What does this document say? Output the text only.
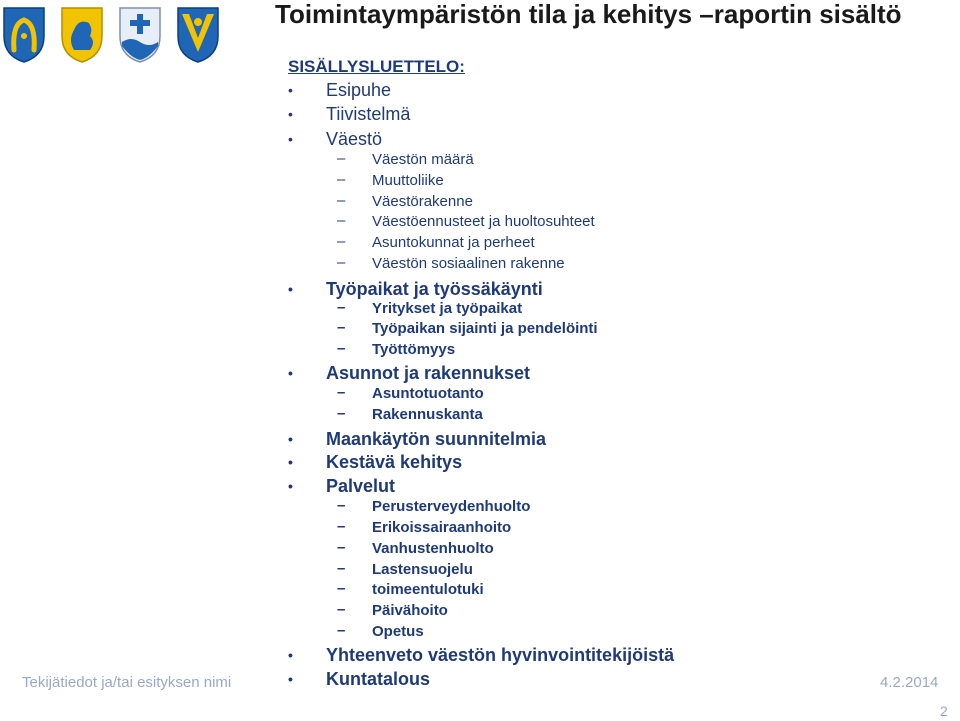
Toimintaympäristön tila ja kehitys –raportin sisältö
SISÄLLYSLUETTELO:
• Esipuhe
• Tiivistelmä
• Väestö
– Väestön määrä
– Muuttoliike
– Väestörakenne
– Väestöennusteet ja huoltosuhteet
– Asuntokunnat ja perheet
– Väestön sosiaalinen rakenne
• Työpaikat ja työssäkäynti
– Yritykset ja työpaikat
– Työpaikan sijainti ja pendelöinti
– Työttömyys
• Asunnot ja rakennukset
– Asuntotuotanto
– Rakennuskanta
• Maankäytön suunnitelmia
• Kestävä kehitys
• Palvelut
– Perusterveydenhuolto
– Erikoissairaanhoito
– Vanhustenhuolto
– Lastensuojelu
– toimeentulotuki
– Päivähoito
– Opetus
• Yhteenveto väestön hyvinvointitekijöistä
• Kuntatalous
Tekijätiedot ja/tai esityksen nimi	4.2.2014
2
